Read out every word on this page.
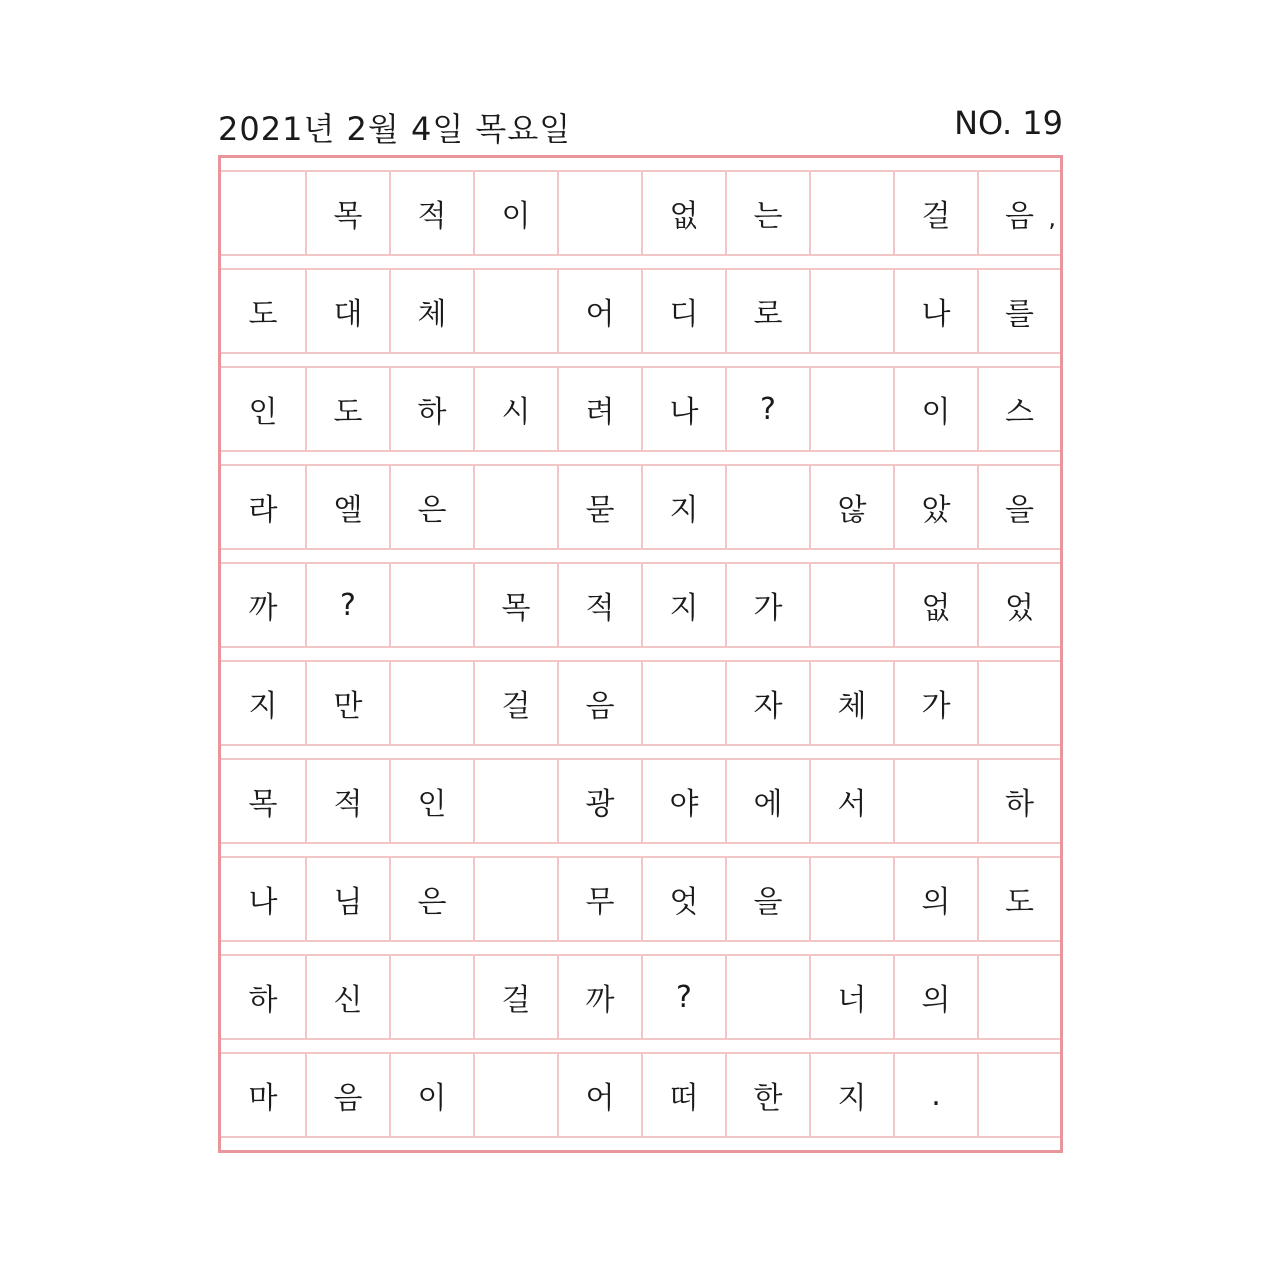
2021년 2월 4일 목요일	NO. 19
목 적 이	없 는	걸 음 ,
도 대 체	어 디 로	나 를
인 도 하 시 려 나 ?	이 스
라 엘 은	묻 지	않 았 을
까 ?	목 적 지 가	없 었
지 만	걸 음	자 체 가
목 적 인	광 야 에 서	하
나 님 은	무 엇 을	의 도
하 신	걸 까 ?	너 의
마 음 이	어 떠 한 지 .
